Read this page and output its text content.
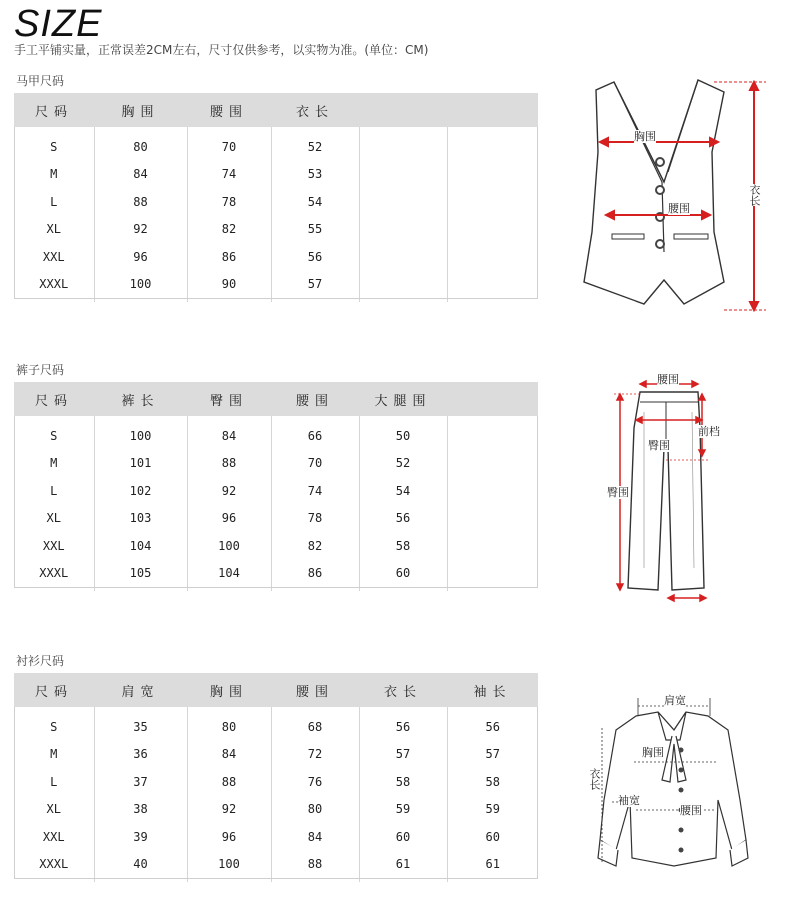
SIZE
手工平铺实量，正常误差2CM左右，尺寸仅供参考，以实物为准。(单位：CM)
马甲尺码
尺码	胸围	腰围	衣长		
S	80	70	52		
M	84	74	53		
L	88	78	54		
XL	92	82	55		
XXL	96	86	56		
XXXL	100	90	57		
胸围
腰围
衣长
裤子尺码
尺码	裤长	臀围	腰围	大腿围	
S	100	84	66	50	
M	101	88	70	52	
L	102	92	74	54	
XL	103	96	78	56	
XXL	104	100	82	58	
XXXL	105	104	86	60	
腰围
前档
臀围
臀围
衬衫尺码
尺码	肩宽	胸围	腰围	衣长	袖长
S	35	80	68	56	56
M	36	84	72	57	57
L	37	88	76	58	58
XL	38	92	80	59	59
XXL	39	96	84	60	60
XXXL	40	100	88	61	61
肩宽
胸围
衣长
袖宽
腰围
